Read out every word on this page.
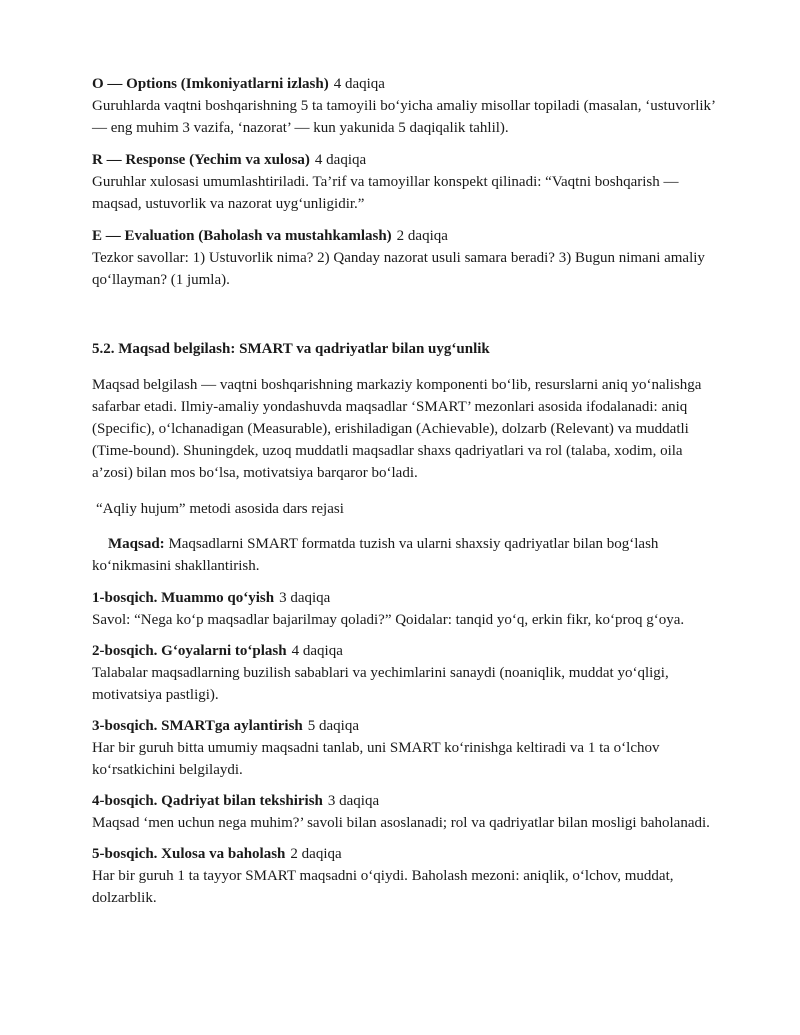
O — Options (Imkoniyatlarni izlash) 4 daqiqa
Guruhlarda vaqtni boshqarishning 5 ta tamoyili bo‘yicha amaliy misollar topiladi (masalan, ‘ustuvorlik’ — eng muhim 3 vazifa, ‘nazorat’ — kun yakunida 5 daqiqalik tahlil).
R — Response (Yechim va xulosa) 4 daqiqa
Guruhlar xulosasi umumlashtiriladi. Ta’rif va tamoyillar konspekt qilinadi: “Vaqtni boshqarish — maqsad, ustuvorlik va nazorat uyg‘unligidir.”
E — Evaluation (Baholash va mustahkamlash) 2 daqiqa
Tezkor savollar: 1) Ustuvorlik nima? 2) Qanday nazorat usuli samara beradi? 3) Bugun nimani amaliy qo‘llayman? (1 jumla).
5.2. Maqsad belgilash: SMART va qadriyatlar bilan uyg‘unlik
Maqsad belgilash — vaqtni boshqarishning markaziy komponenti bo‘lib, resurslarni aniq yo‘nalishga safarbar etadi. Ilmiy-amaliy yondashuvda maqsadlar ‘SMART’ mezonlari asosida ifodalanadi: aniq (Specific), o‘lchanadigan (Measurable), erishiladigan (Achievable), dolzarb (Relevant) va muddatli (Time-bound). Shuningdek, uzoq muddatli maqsadlar shaxs qadriyatlari va rol (talaba, xodim, oila a’zosi) bilan mos bo‘lsa, motivatsiya barqaror bo‘ladi.
“Aqliy hujum” metodi asosida dars rejasi
Maqsad: Maqsadlarni SMART formatda tuzish va ularni shaxsiy qadriyatlar bilan bog‘lash ko‘nikmasini shakllantirish.
1-bosqich. Muammo qo‘yish 3 daqiqa
Savol: “Nega ko‘p maqsadlar bajarilmay qoladi?” Qoidalar: tanqid yo‘q, erkin fikr, ko‘proq g‘oya.
2-bosqich. G‘oyalarni to‘plash 4 daqiqa
Talabalar maqsadlarning buzilish sabablari va yechimlarini sanaydi (noaniqlik, muddat yo‘qligi, motivatsiya pastligi).
3-bosqich. SMARTga aylantirish 5 daqiqa
Har bir guruh bitta umumiy maqsadni tanlab, uni SMART ko‘rinishga keltiradi va 1 ta o‘lchov ko‘rsatkichini belgilaydi.
4-bosqich. Qadriyat bilan tekshirish 3 daqiqa
Maqsad ‘men uchun nega muhim?’ savoli bilan asoslanadi; rol va qadriyatlar bilan mosligi baholanadi.
5-bosqich. Xulosa va baholash 2 daqiqa
Har bir guruh 1 ta tayyor SMART maqsadni o‘qiydi. Baholash mezoni: aniqlik, o‘lchov, muddat, dolzarblik.
